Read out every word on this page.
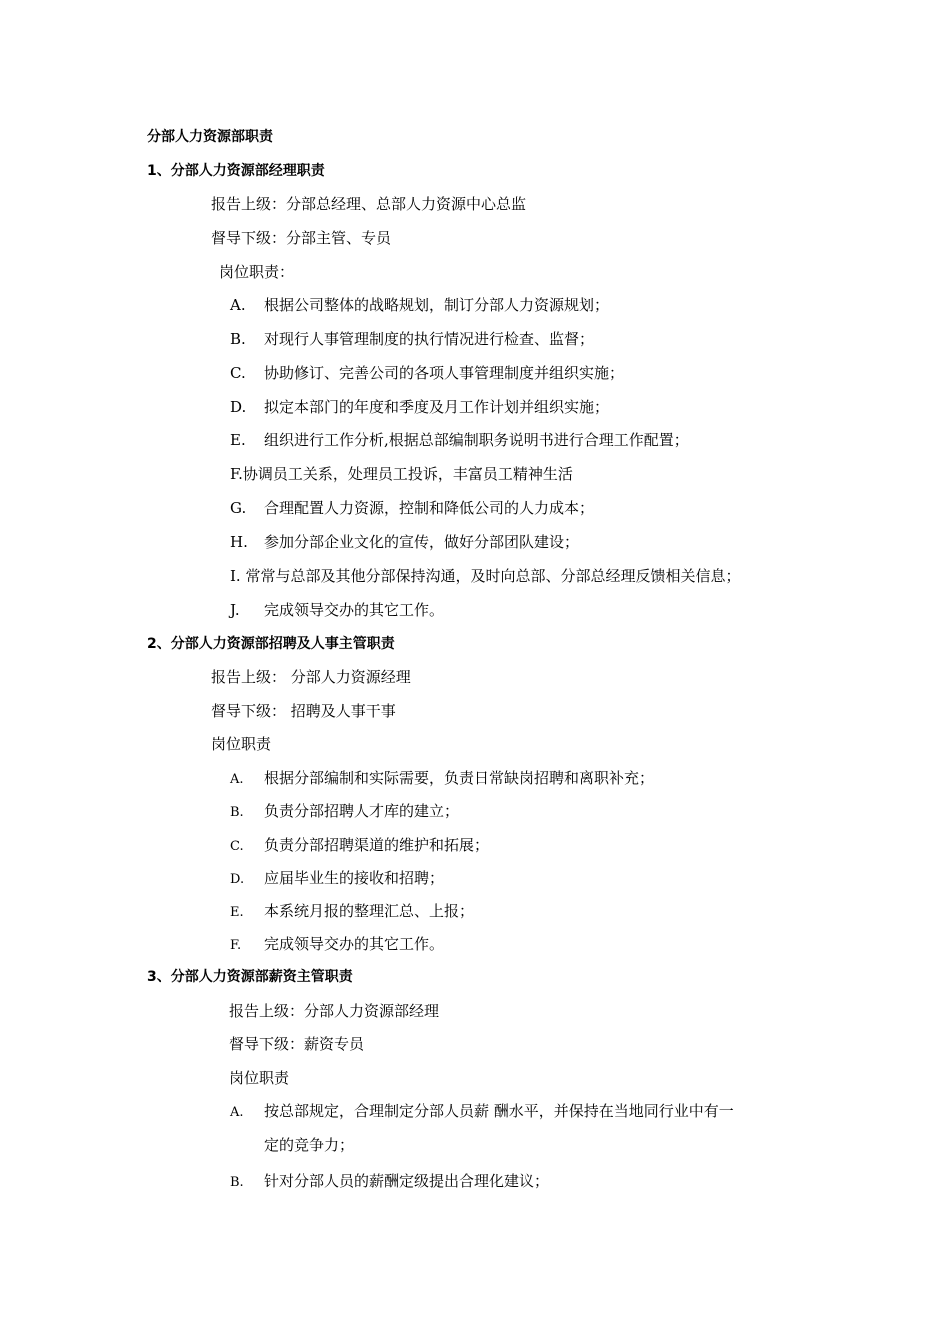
分部人力资源部职责
1、分部人力资源部经理职责
报告上级：分部总经理、总部人力资源中心总监
督导下级：分部主管、专员
岗位职责：
A. 根据公司整体的战略规划，制订分部人力资源规划；
B. 对现行人事管理制度的执行情况进行检查、监督；
C. 协助修订、完善公司的各项人事管理制度并组织实施；
D. 拟定本部门的年度和季度及月工作计划并组织实施；
E. 组织进行工作分析,根据总部编制职务说明书进行合理工作配置；
F.协调员工关系，处理员工投诉，丰富员工精神生活
G. 合理配置人力资源，控制和降低公司的人力成本；
H. 参加分部企业文化的宣传，做好分部团队建设；
I. 常常与总部及其他分部保持沟通，及时向总部、分部总经理反馈相关信息；
J. 完成领导交办的其它工作。
2、分部人力资源部招聘及人事主管职责
报告上级： 分部人力资源经理
督导下级： 招聘及人事干事
岗位职责
A. 根据分部编制和实际需要，负责日常缺岗招聘和离职补充；
B. 负责分部招聘人才库的建立；
C. 负责分部招聘渠道的维护和拓展；
D. 应届毕业生的接收和招聘；
E. 本系统月报的整理汇总、上报；
F. 完成领导交办的其它工作。
3、分部人力资源部薪资主管职责
报告上级：分部人力资源部经理
督导下级：薪资专员
岗位职责
A. 按总部规定，合理制定分部人员薪 酬水平，并保持在当地同行业中有一
定的竞争力；
B. 针对分部人员的薪酬定级提出合理化建议；
